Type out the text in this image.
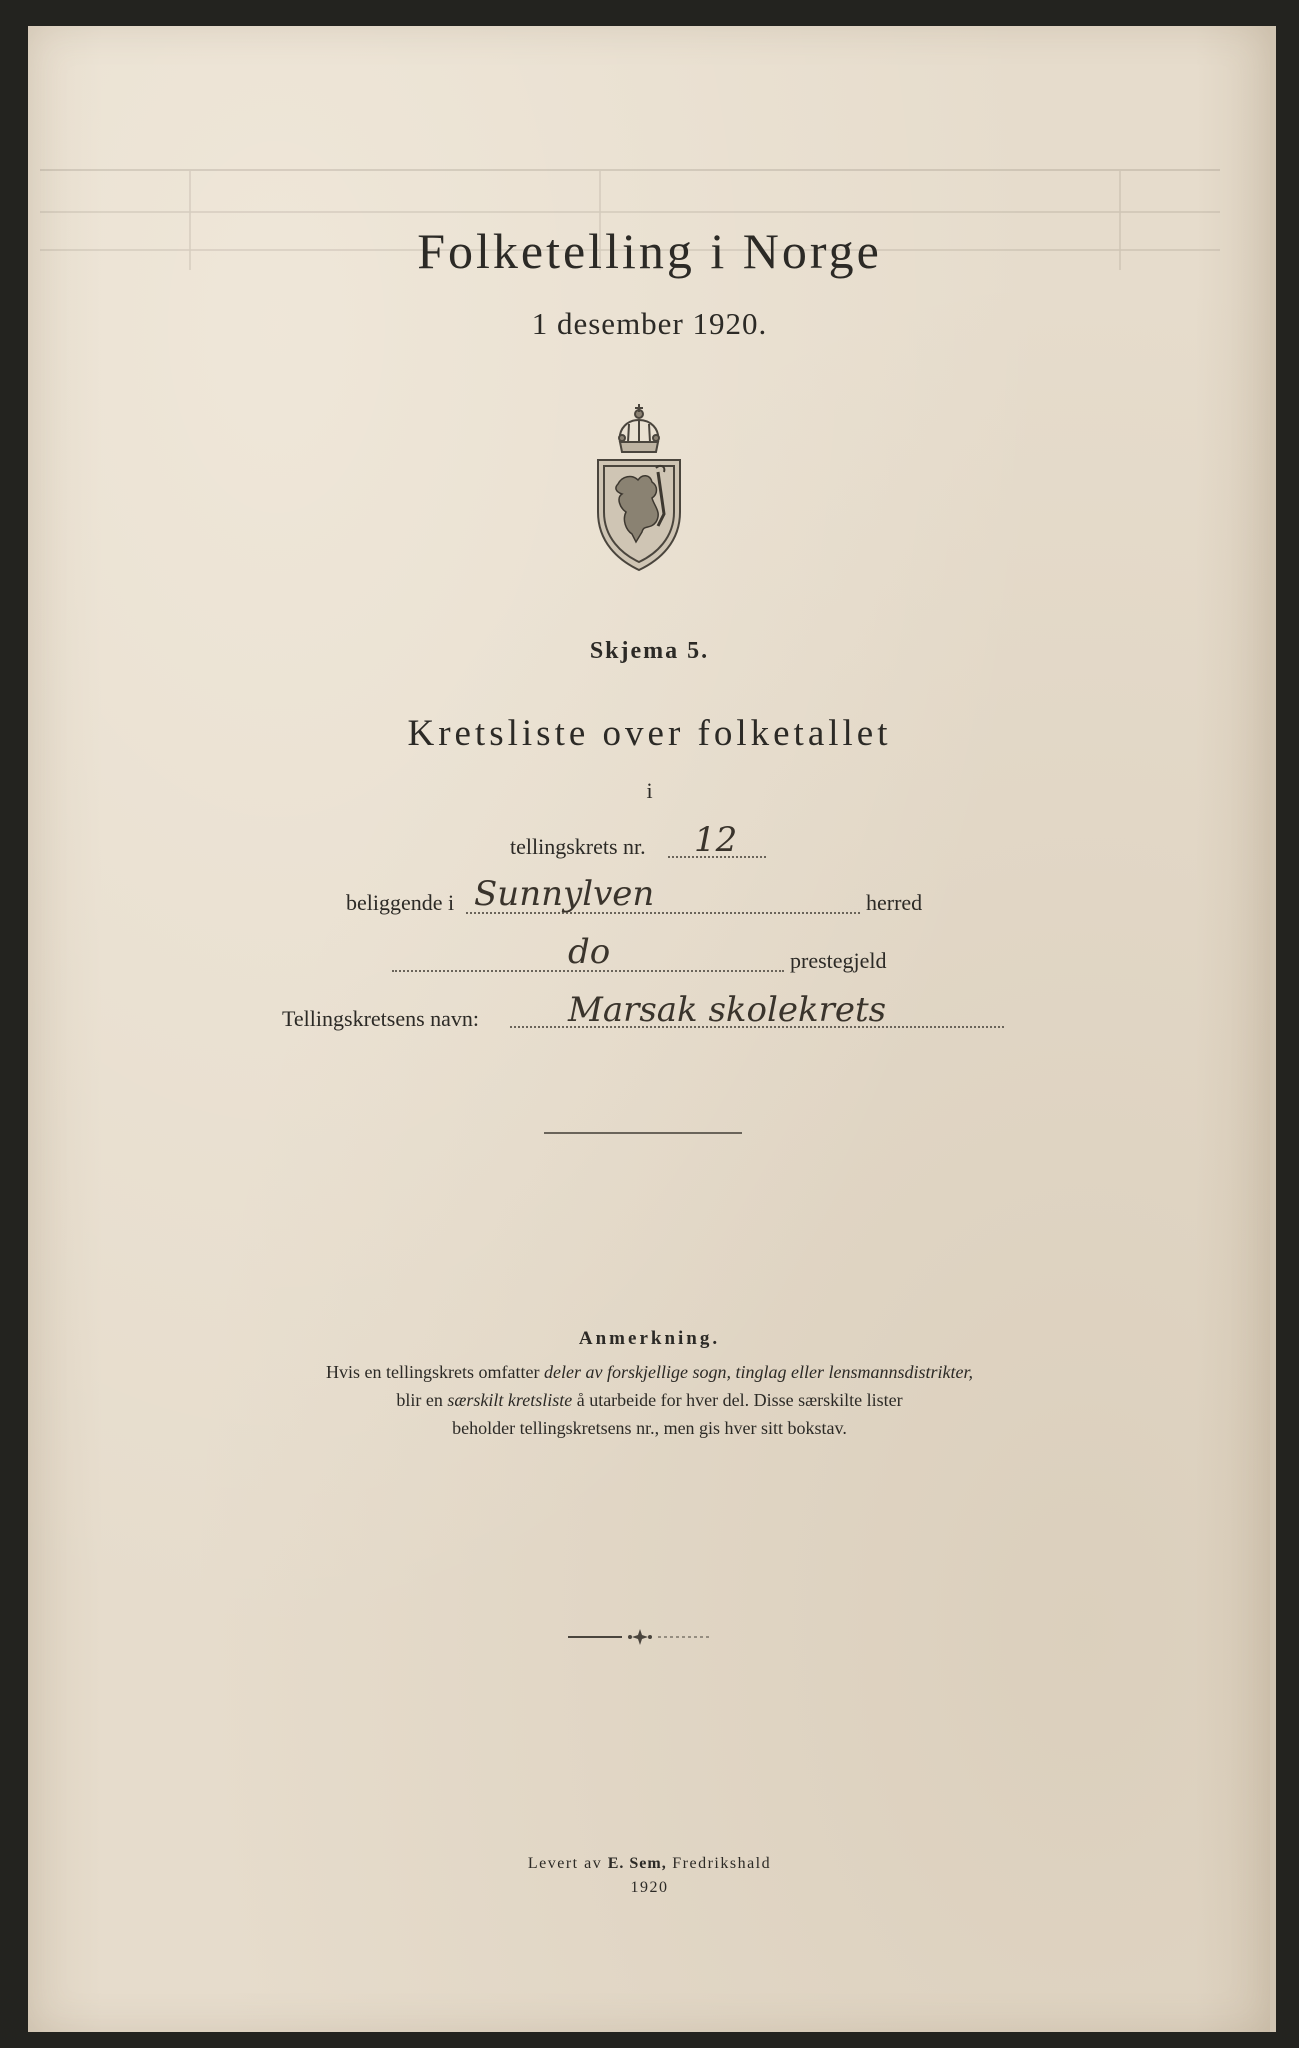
Folketelling i Norge
1 desember 1920.
Skjema 5.
Kretsliste over folketallet
i
tellingskrets nr. 12
beliggende i Sunnylven	herred
do	prestegjeld
Tellingskretsens navn:	Marsak skolekrets
Anmerkning.
Hvis en tellingskrets omfatter deler av forskjellige sogn, tinglag eller lensmannsdistrikter,
blir en særskilt kretsliste å utarbeide for hver del. Disse særskilte lister
beholder tellingskretsens nr., men gis hver sitt bokstav.
Levert av E. Sem, Fredrikshald
1920
